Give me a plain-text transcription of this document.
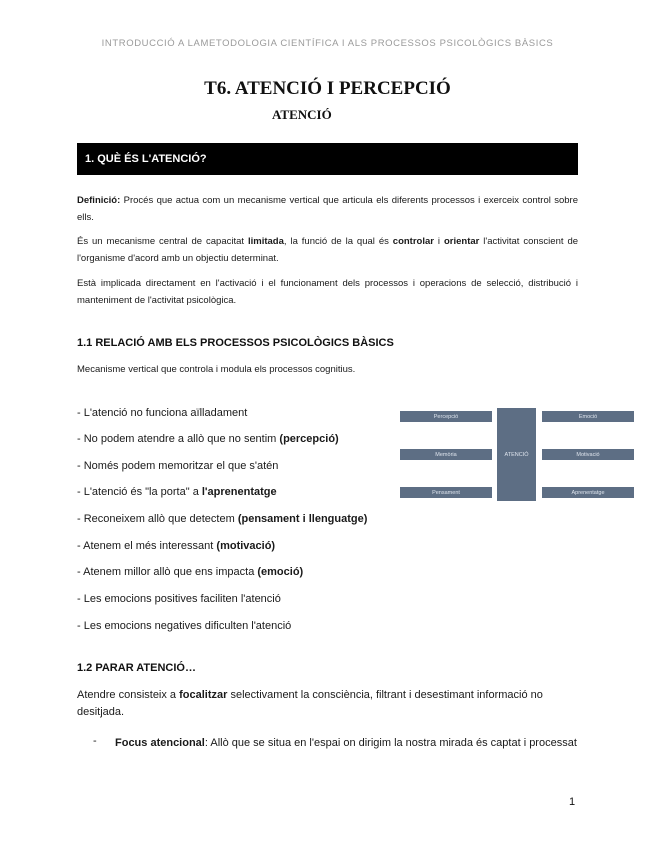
INTRODUCCIÓ A LAMETODOLOGIA CIENTÍFICA I ALS PROCESSOS PSICOLÒGICS BÀSICS
T6. ATENCIÓ I PERCEPCIÓ
ATENCIÓ
1. QUÈ ÉS L'ATENCIÓ?
Definició: Procés que actua com un mecanisme vertical que articula els diferents processos i exerceix control sobre ells.
És un mecanisme central de capacitat limitada, la funció de la qual és controlar i orientar l'activitat conscient de l'organisme d'acord amb un objectiu determinat.
Està implicada directament en l'activació i el funcionament dels processos i operacions de selecció, distribució i manteniment de l'activitat psicològica.
1.1 RELACIÓ AMB ELS PROCESSOS PSICOLÒGICS BÀSICS
Mecanisme vertical que controla i modula els processos cognitius.
- L'atenció no funciona aïlladament
- No podem atendre a allò que no sentim (percepció)
- Només podem memoritzar el que s'atén
- L'atenció és "la porta" a l'aprenentatge
- Reconeixem allò que detectem (pensament i llenguatge)
- Atenem el més interessant (motivació)
- Atenem millor allò que ens impacta (emoció)
- Les emocions positives faciliten l'atenció
- Les emocions negatives dificulten l'atenció
Percepció
Memòria
Pensament
ATENCIÓ
Emoció
Motivació
Aprenentatge
1.2 PARAR ATENCIÓ…
Atendre consisteix a focalitzar selectivament la consciència, filtrant i desestimant informació no desitjada.
- Focus atencional: Allò que se situa en l'espai on dirigim la nostra mirada és captat i processat
1
